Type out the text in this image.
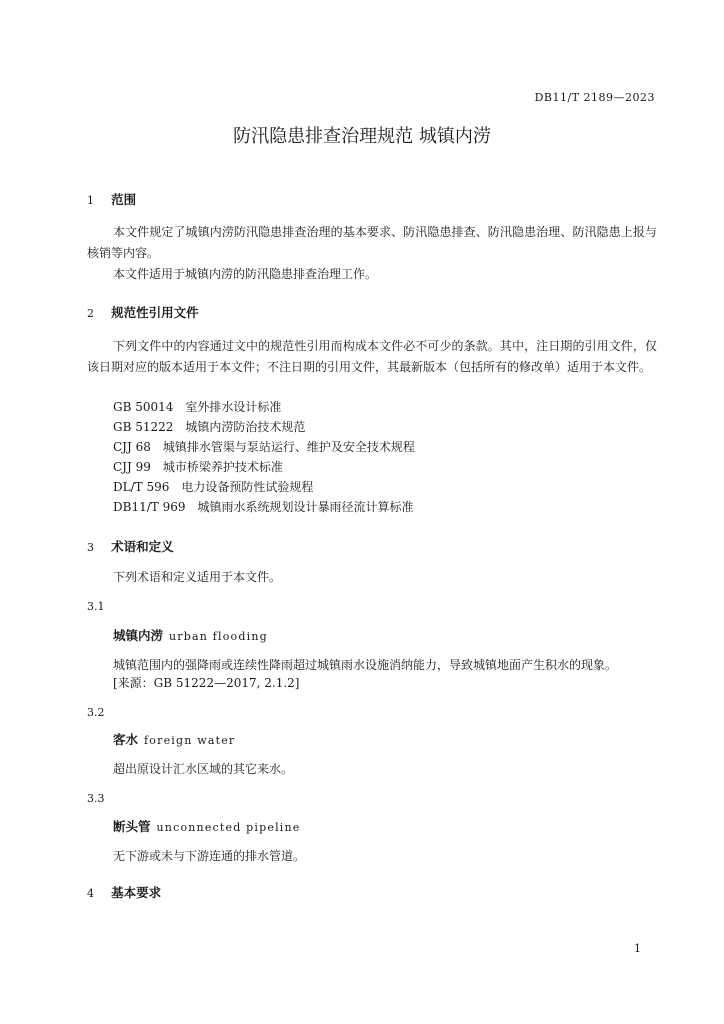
DB11/T 2189—2023
防汛隐患排查治理规范 城镇内涝
1 范围

本文件规定了城镇内涝防汛隐患排查治理的基本要求、防汛隐患排查、防汛隐患治理、防汛隐患上报与核销等内容。

本文件适用于城镇内涝的防汛隐患排查治理工作。

2 规范性引用文件

下列文件中的内容通过文中的规范性引用而构成本文件必不可少的条款。其中，注日期的引用文件，仅该日期对应的版本适用于本文件；不注日期的引用文件，其最新版本（包括所有的修改单）适用于本文件。

GB 50014　室外排水设计标准
GB 51222　城镇内涝防治技术规范
CJJ 68　城镇排水管渠与泵站运行、维护及安全技术规程
CJJ 99　城市桥梁养护技术标准
DL/T 596　电力设备预防性试验规程
DB11/T 969　城镇雨水系统规划设计暴雨径流计算标准
3 术语和定义
下列术语和定义适用于本文件。
3.1
城镇内涝 urban flooding
城镇范围内的强降雨或连续性降雨超过城镇雨水设施消纳能力，导致城镇地面产生积水的现象。
[来源：GB 51222—2017, 2.1.2]
3.2
客水 foreign water
超出原设计汇水区域的其它来水。
3.3
断头管 unconnected pipeline
无下游或未与下游连通的排水管道。
4 基本要求
1
